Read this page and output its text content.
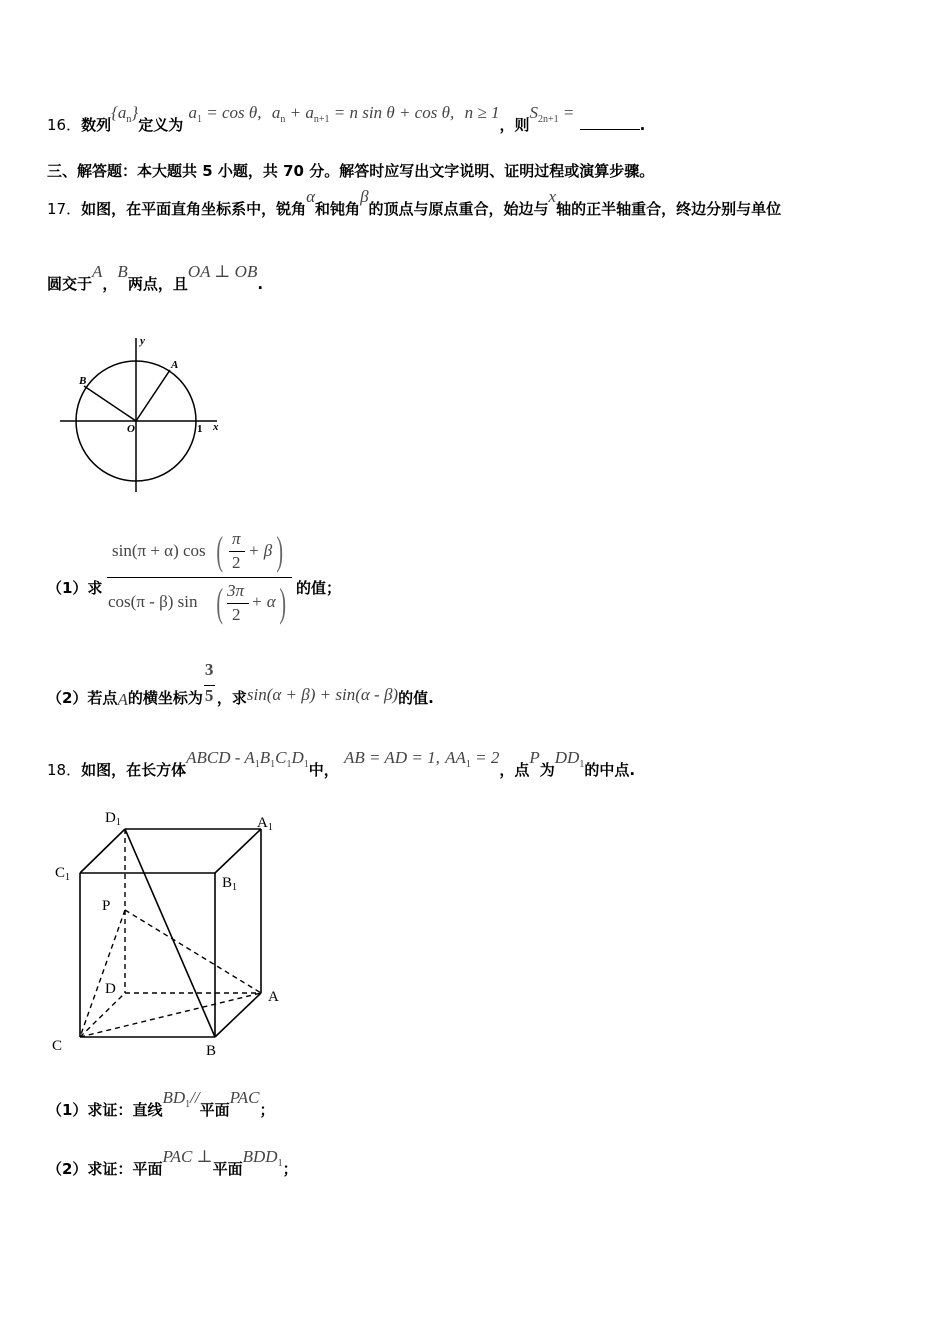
16．数列$\{a_n\}$定义为 $a_1 = \cos \theta$, $a_n + a_{n+1} = n$ sin θ + cos θ, n ≥ 1，则$S_{2n+1}$ = .
三、解答题：本大题共 5 小题，共 70 分。解答时应写出文字说明、证明过程或演算步骤。
17．如图，在平面直角坐标系中，锐角α和钝角β的顶点与原点重合，始边与x轴的正半轴重合，终边分别与单位
圆交于A，B两点，且OA ⊥ OB.
y
x
O	1
A
B
（1）求
sin(π + α) cos ( π
2
+ β )
cos(π - β) sin ( 3π
2
+ α ) 的值；
（2）若点A的横坐标为 $\frac{3}{5}$ ，求sin(α + β) + sin(α - β)的值.
18．如图，在长方体ABCD - $A_1B_1C_1D_1$中， AB = AD = 1, $AA_1 = 2$，点P为$DD_1$的中点.
$D_1$	$A_1$
$C_1$	$B_1$
P
D	A
C	B
（1）求证：直线$BD_1//$平面PAC；
（2）求证：平面PAC ⊥平面$BDD_1$；
